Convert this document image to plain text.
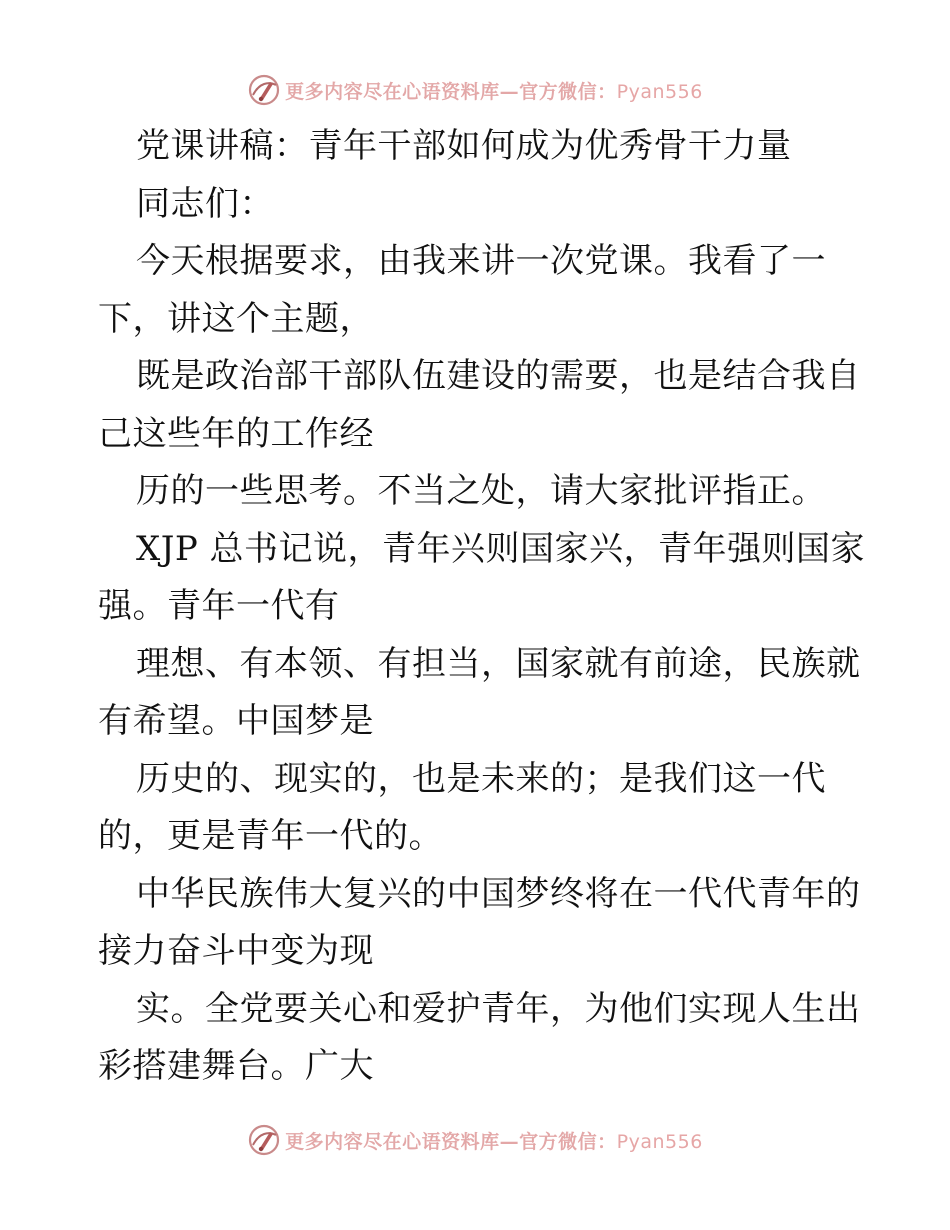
更多内容尽在心语资料库—官方微信：Pyan556
党课讲稿：青年干部如何成为优秀骨干力量
同志们：
今天根据要求，由我来讲一次党课。我看了一
下，讲这个主题，
既是政治部干部队伍建设的需要，也是结合我自
己这些年的工作经
历的一些思考。不当之处，请大家批评指正。
XJP 总书记说，青年兴则国家兴，青年强则国家
强。青年一代有
理想、有本领、有担当，国家就有前途，民族就
有希望。中国梦是
历史的、现实的，也是未来的；是我们这一代
的，更是青年一代的。
中华民族伟大复兴的中国梦终将在一代代青年的
接力奋斗中变为现
实。全党要关心和爱护青年，为他们实现人生出
彩搭建舞台。广大
更多内容尽在心语资料库—官方微信：Pyan556
